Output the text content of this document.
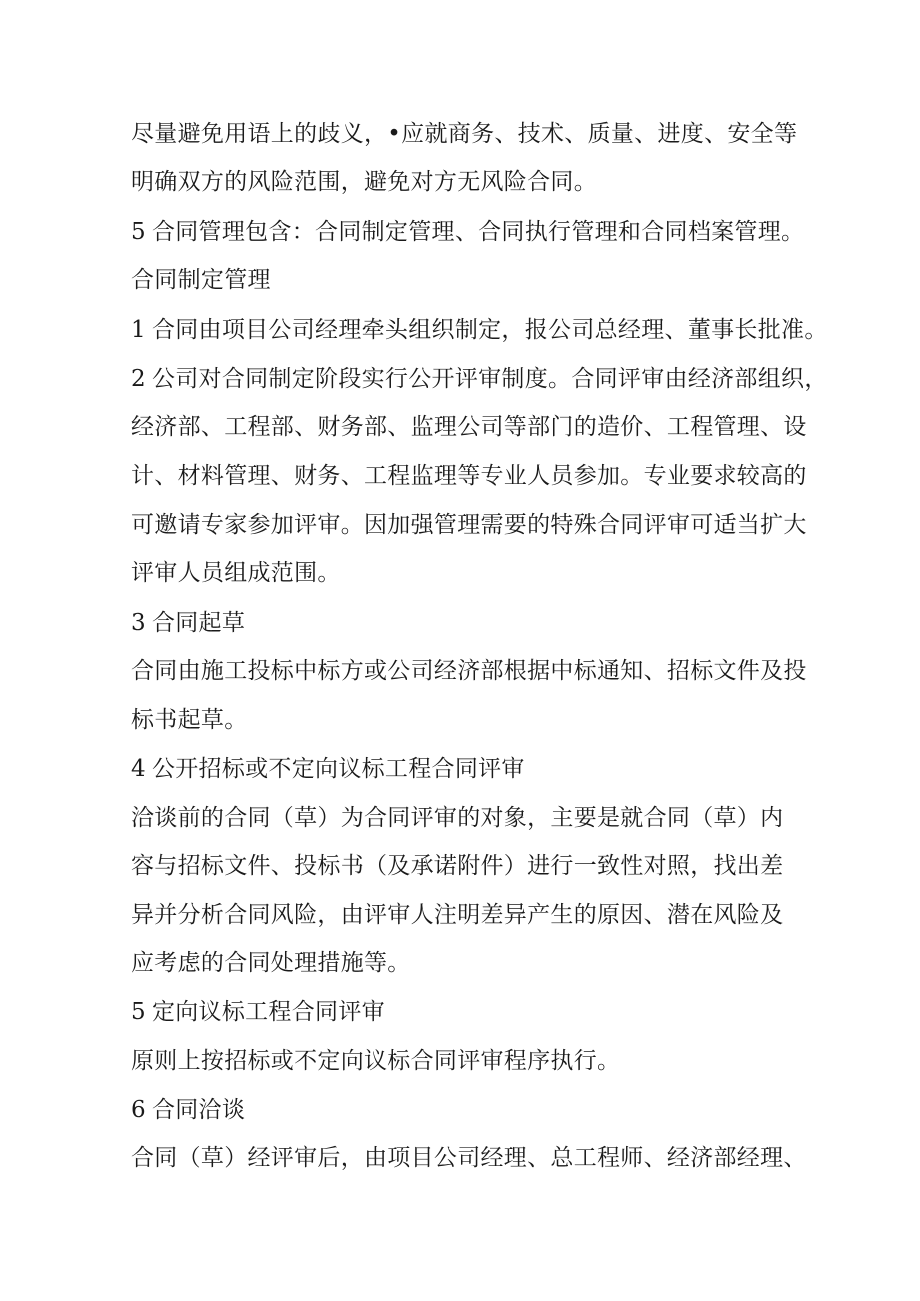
尽量避免用语上的歧义，•应就商务、技术、质量、进度、安全等

明确双方的风险范围，避免对方无风险合同。

5 合同管理包含：合同制定管理、合同执行管理和合同档案管理。

合同制定管理

1 合同由项目公司经理牵头组织制定，报公司总经理、董事长批准。

2 公司对合同制定阶段实行公开评审制度。合同评审由经济部组织，

经济部、工程部、财务部、监理公司等部门的造价、工程管理、设

计、材料管理、财务、工程监理等专业人员参加。专业要求较高的

可邀请专家参加评审。因加强管理需要的特殊合同评审可适当扩大

评审人员组成范围。

3 合同起草

合同由施工投标中标方或公司经济部根据中标通知、招标文件及投

标书起草。

4 公开招标或不定向议标工程合同评审

洽谈前的合同（草）为合同评审的对象，主要是就合同（草）内

容与招标文件、投标书（及承诺附件）进行一致性对照，找出差

异并分析合同风险，由评审人注明差异产生的原因、潜在风险及

应考虑的合同处理措施等。

5 定向议标工程合同评审

原则上按招标或不定向议标合同评审程序执行。

6 合同洽谈

合同（草）经评审后，由项目公司经理、总工程师、经济部经理、
